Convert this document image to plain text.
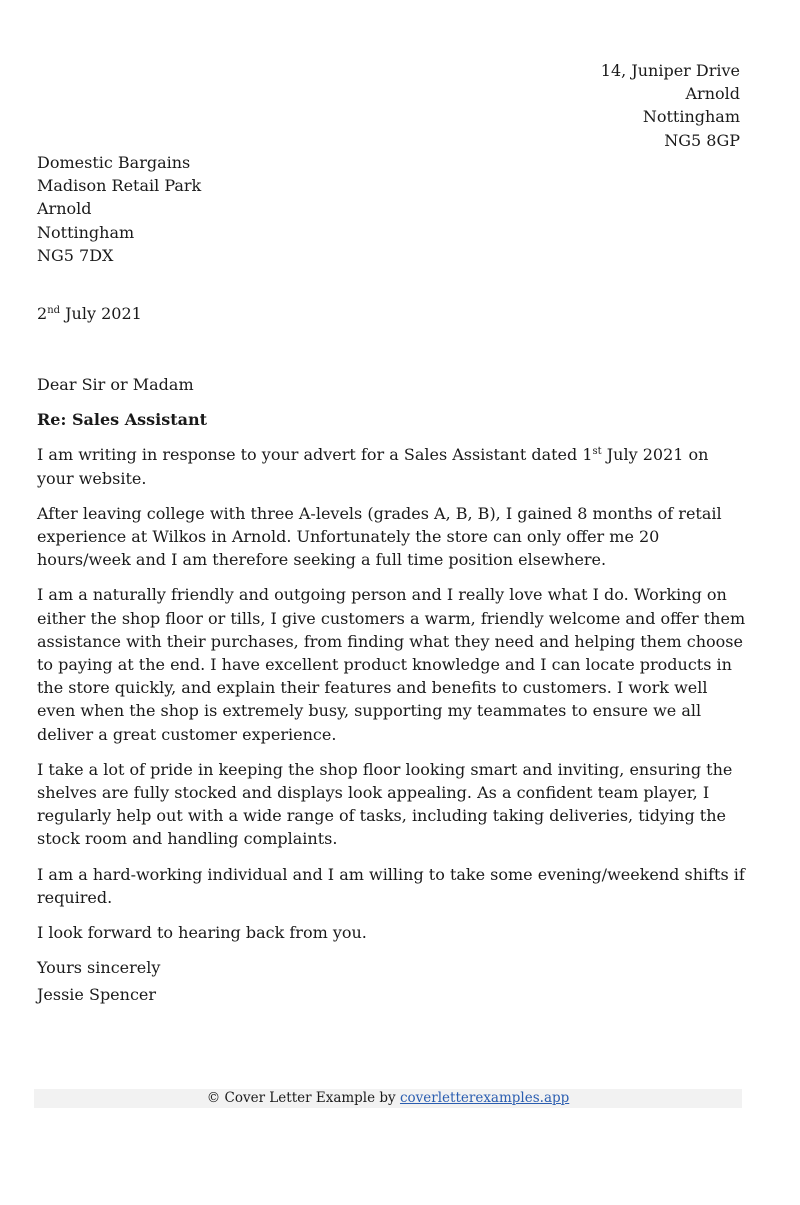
14, Juniper Drive
Arnold
Nottingham
NG5 8GP
Domestic Bargains
Madison Retail Park
Arnold
Nottingham
NG5 7DX
2nd July 2021

Dear Sir or Madam

Re: Sales Assistant

I am writing in response to your advert for a Sales Assistant dated 1st July 2021 on your website.

After leaving college with three A-levels (grades A, B, B), I gained 8 months of retail experience at Wilkos in Arnold. Unfortunately the store can only offer me 20 hours/week and I am therefore seeking a full time position elsewhere.

I am a naturally friendly and outgoing person and I really love what I do. Working on either the shop floor or tills, I give customers a warm, friendly welcome and offer them assistance with their purchases, from finding what they need and helping them choose to paying at the end. I have excellent product knowledge and I can locate products in the store quickly, and explain their features and benefits to customers. I work well even when the shop is extremely busy, supporting my teammates to ensure we all deliver a great customer experience.

I take a lot of pride in keeping the shop floor looking smart and inviting, ensuring the shelves are fully stocked and displays look appealing. As a confident team player, I regularly help out with a wide range of tasks, including taking deliveries, tidying the stock room and handling complaints.

I am a hard-working individual and I am willing to take some evening/weekend shifts if required.

I look forward to hearing back from you.

Yours sincerely

Jessie Spencer
© Cover Letter Example by coverletterexamples.app
